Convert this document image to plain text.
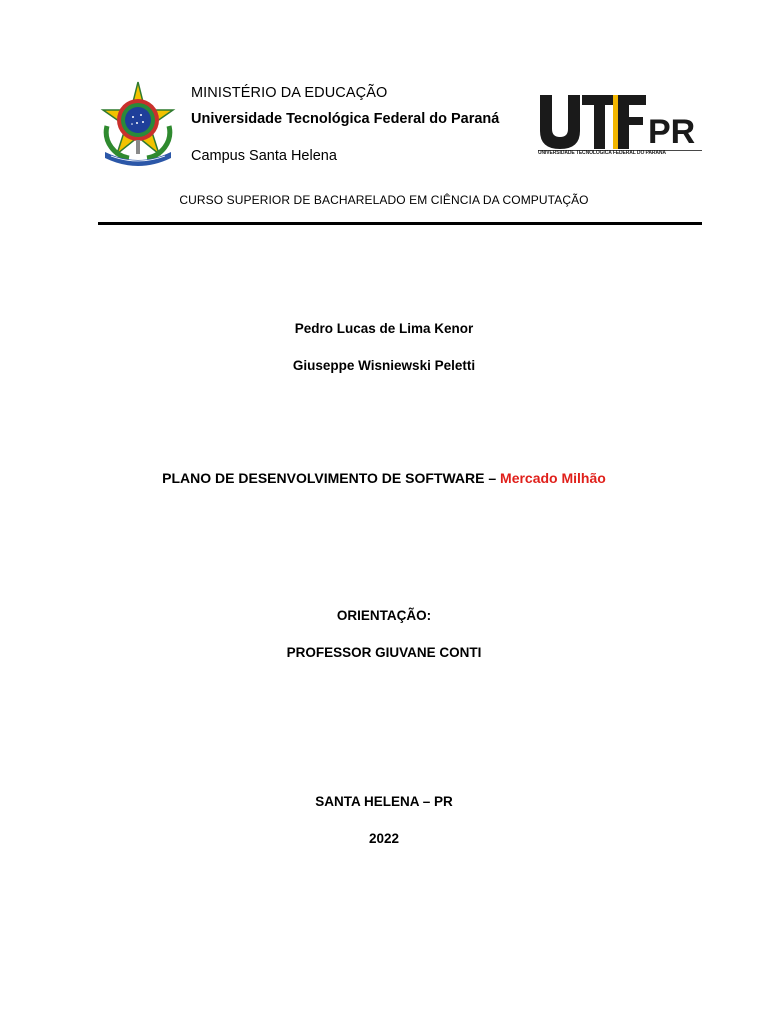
MINISTÉRIO DA EDUCAÇÃO
Universidade Tecnológica Federal do Paraná
Campus Santa Helena
PR
UNIVERSIDADE TECNOLÓGICA FEDERAL DO PARANÁ
CURSO SUPERIOR DE BACHARELADO EM CIÊNCIA DA COMPUTAÇÃO
Pedro Lucas de Lima Kenor
Giuseppe Wisniewski Peletti
PLANO DE DESENVOLVIMENTO DE SOFTWARE – Mercado Milhão
ORIENTAÇÃO:
PROFESSOR GIUVANE CONTI
SANTA HELENA – PR
2022
